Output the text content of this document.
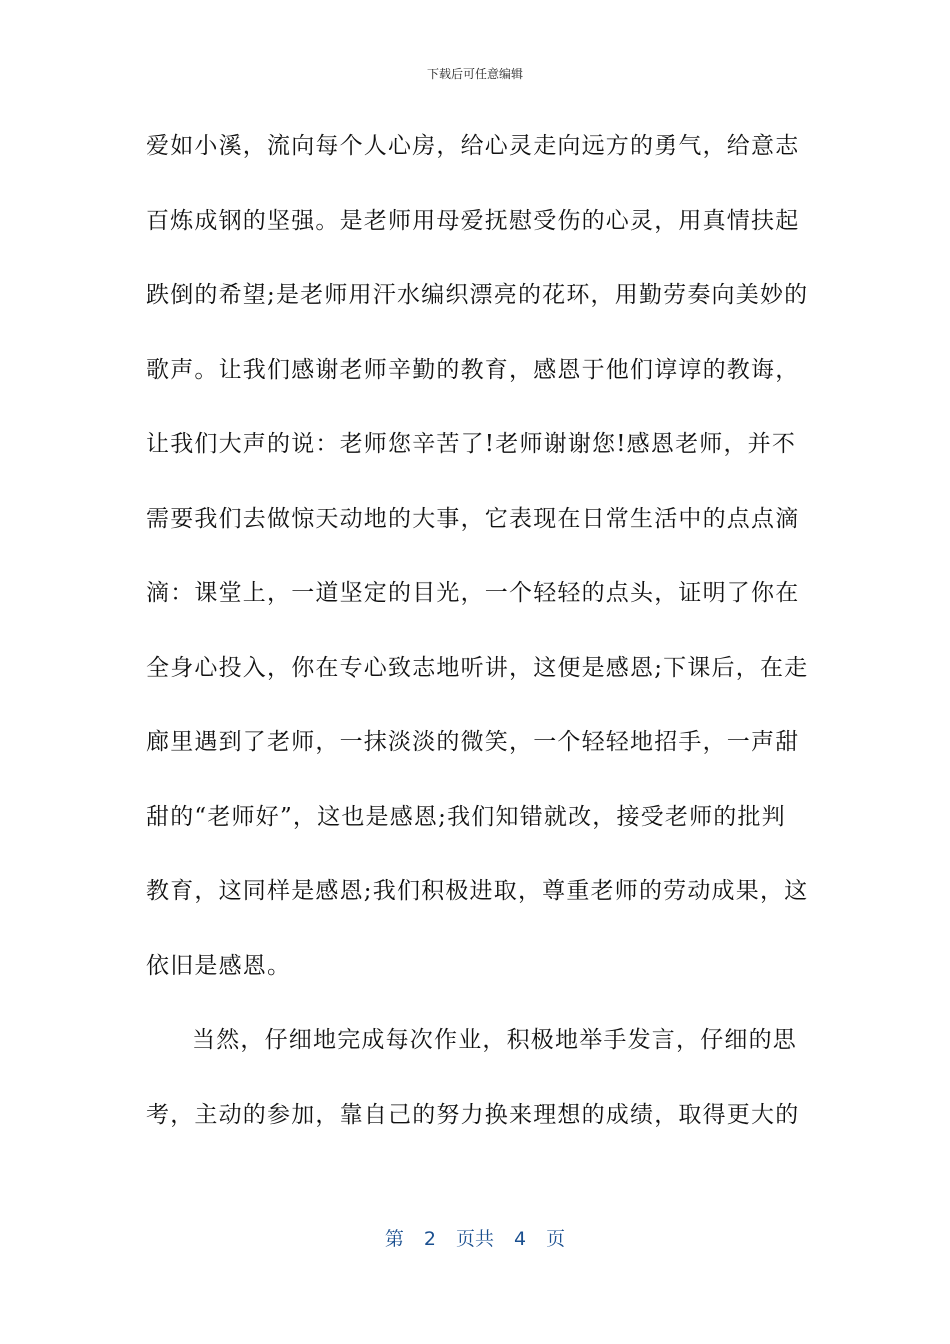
下载后可任意编辑
爱如小溪，流向每个人心房，给心灵走向远方的勇气，给意志
百炼成钢的坚强。是老师用母爱抚慰受伤的心灵，用真情扶起
跌倒的希望;是老师用汗水编织漂亮的花环，用勤劳奏向美妙的
歌声。让我们感谢老师辛勤的教育，感恩于他们谆谆的教诲，
让我们大声的说：老师您辛苦了!老师谢谢您!感恩老师，并不
需要我们去做惊天动地的大事，它表现在日常生活中的点点滴
滴：课堂上，一道坚定的目光，一个轻轻的点头，证明了你在
全身心投入，你在专心致志地听讲，这便是感恩;下课后，在走
廊里遇到了老师，一抹淡淡的微笑，一个轻轻地招手，一声甜
甜的“老师好”，这也是感恩;我们知错就改，接受老师的批判
教育，这同样是感恩;我们积极进取，尊重老师的劳动成果，这
依旧是感恩。
当然，仔细地完成每次作业，积极地举手发言，仔细的思
考，主动的参加，靠自己的努力换来理想的成绩，取得更大的
第 2 页共 4 页
